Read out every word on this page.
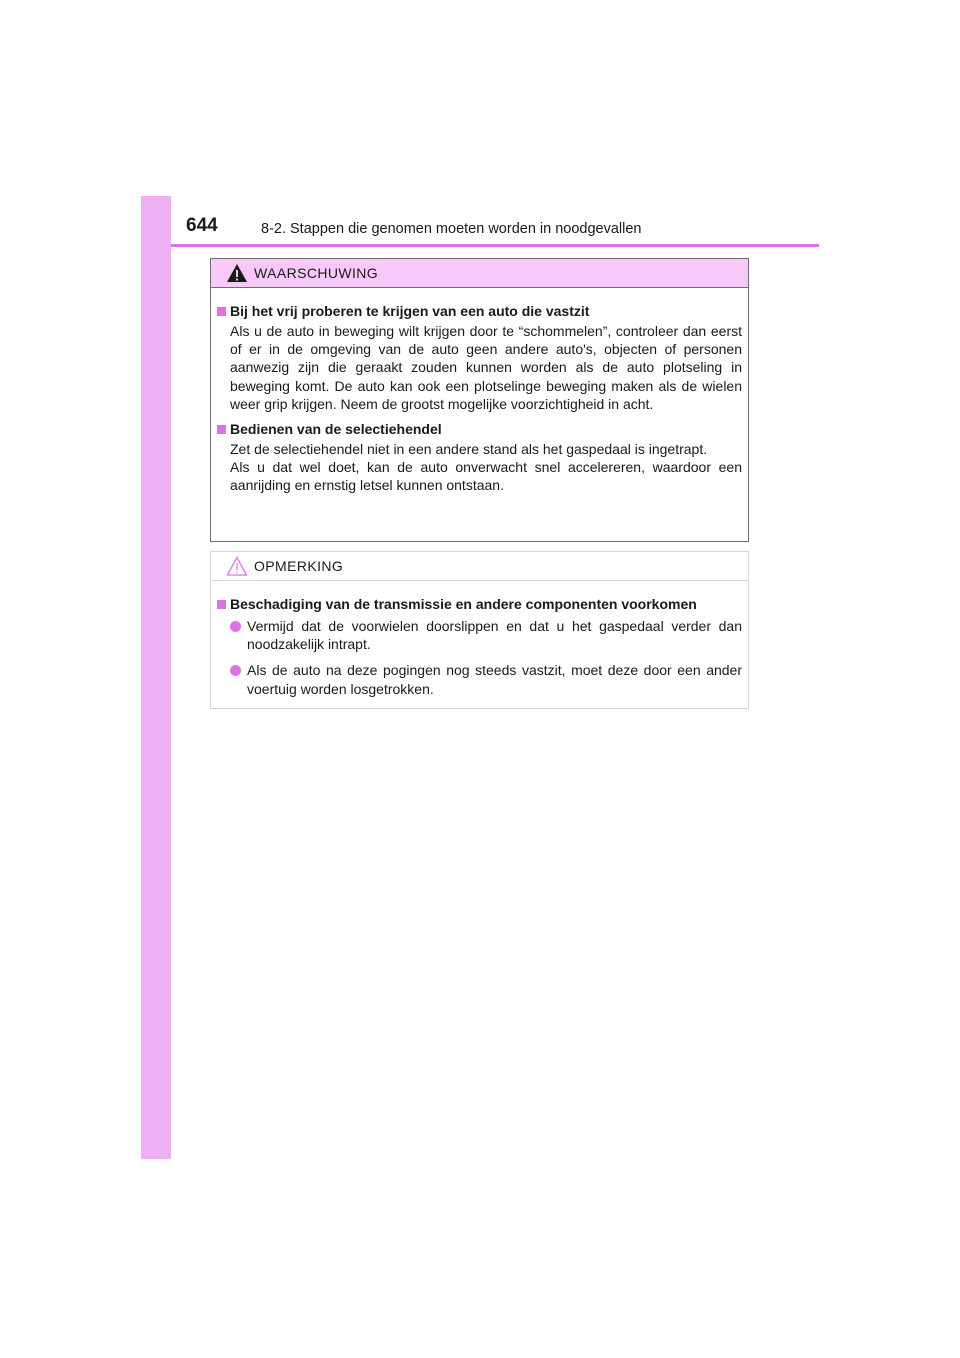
644	8-2. Stappen die genomen moeten worden in noodgevallen
WAARSCHUWING
Bij het vrij proberen te krijgen van een auto die vastzit

Als u de auto in beweging wilt krijgen door te “schommelen”, controleer dan eerst of er in de omgeving van de auto geen andere auto's, objecten of personen aanwezig zijn die geraakt zouden kunnen worden als de auto plotseling in beweging komt. De auto kan ook een plotselinge beweging maken als de wielen weer grip krijgen. Neem de grootst mogelijke voorzichtigheid in acht.

Bedienen van de selectiehendel

Zet de selectiehendel niet in een andere stand als het gaspedaal is ingetrapt.

Als u dat wel doet, kan de auto onverwacht snel accelereren, waardoor een aanrijding en ernstig letsel kunnen ontstaan.

OPMERKING
Beschadiging van de transmissie en andere componenten voorkomen
Vermijd dat de voorwielen doorslippen en dat u het gaspedaal verder dan noodzakelijk intrapt.
Als de auto na deze pogingen nog steeds vastzit, moet deze door een ander voertuig worden losgetrokken.
